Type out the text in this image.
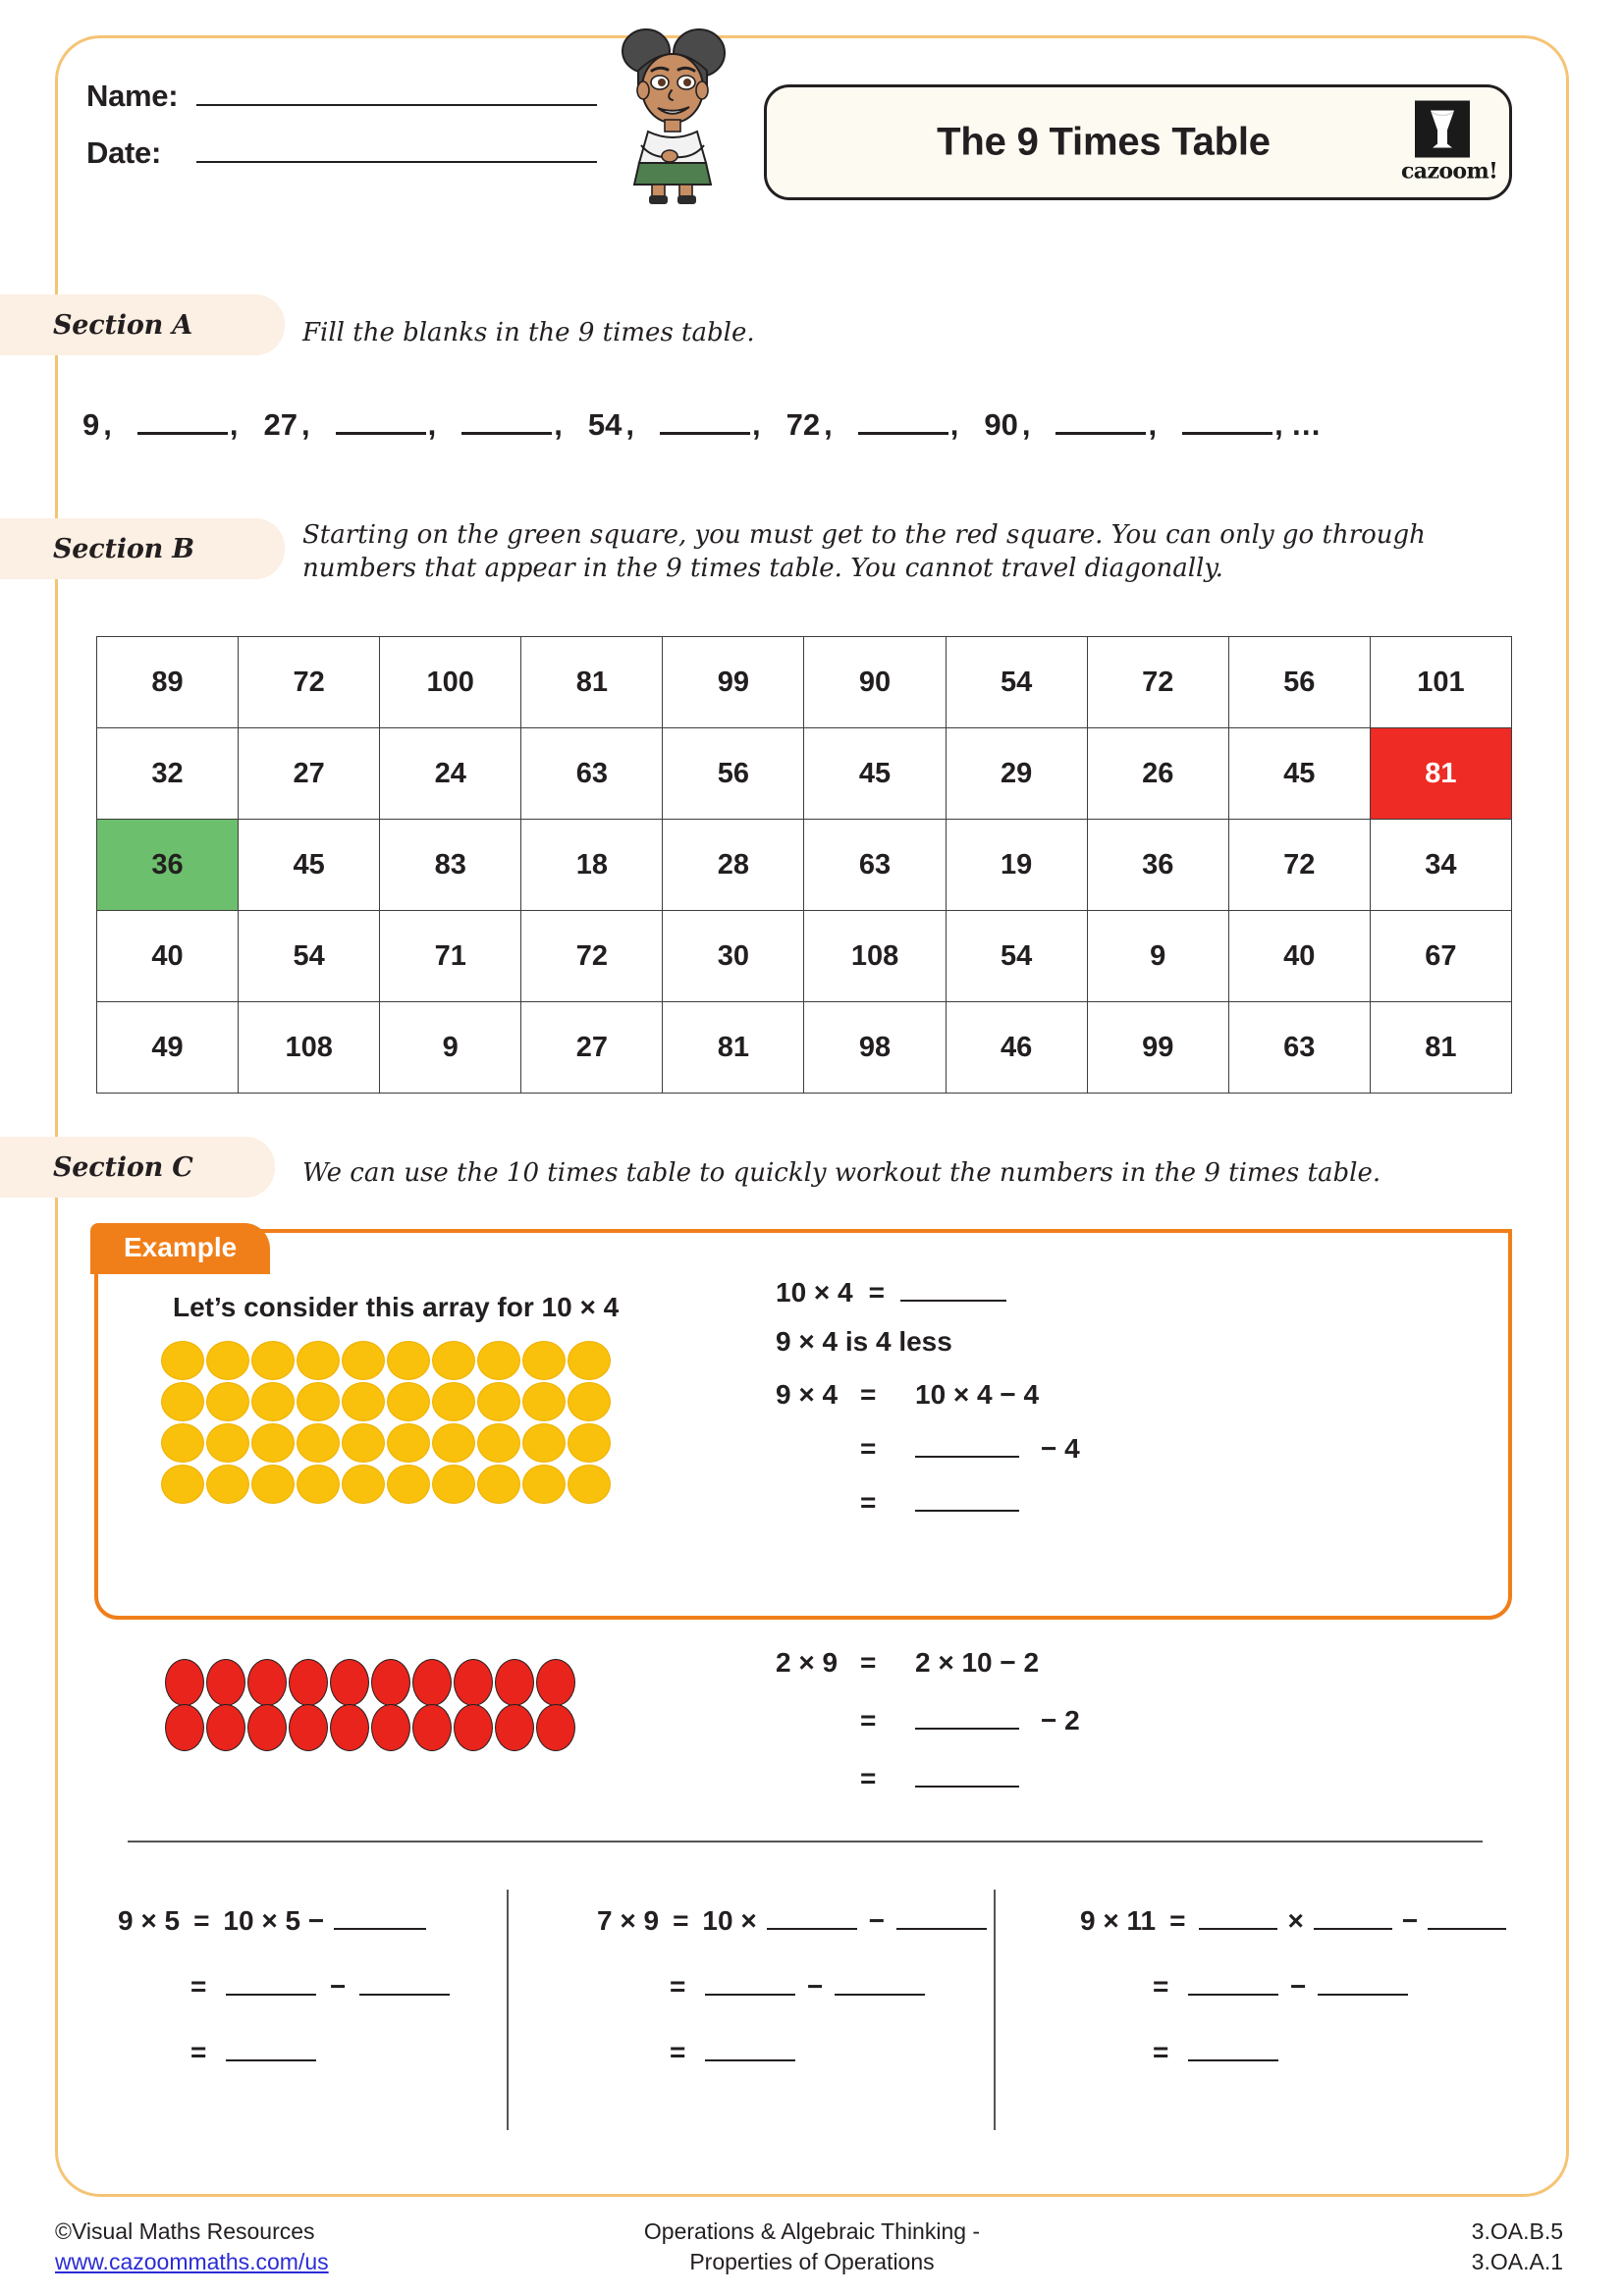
Name:
Date:	The 9 Times Table
cazoom!
Section A	Fill the blanks in the 9 times table.
9 ,	, 27 ,	,	, 54 ,	, 72 ,	, 90 ,	,	, …
Section B	Starting on the green square, you must get to the red square. You can only go through numbers that appear in the 9 times table. You cannot travel diagonally.
89	72	100	81	99	90	54	72	56	101
32	27	24	63	56	45	29	26	45	81
36	45	83	18	28	63	19	36	72	34
40	54	71	72	30	108	54	9	40	67
49	108	9	27	81	98	46	99	63	81
Section C	We can use the 10 times table to quickly workout the numbers in the 9 times table.
Example
Let’s consider this array for 10 × 4	10 × 4 =
9 × 4 is 4 less
9 × 4 =	10 × 4 − 4
=	− 4
=
2 × 9 =	2 × 10 − 2
=	− 2
=
9 × 5 = 10 × 5 −
=	−
=
7 × 9 = 10 ×	−
=	−
=
9 × 11 =	×	−
=	−
=
©Visual Maths Resources
www.cazoommaths.com/us
Operations & Algebraic Thinking -
Properties of Operations
3.OA.B.5
3.OA.A.1
